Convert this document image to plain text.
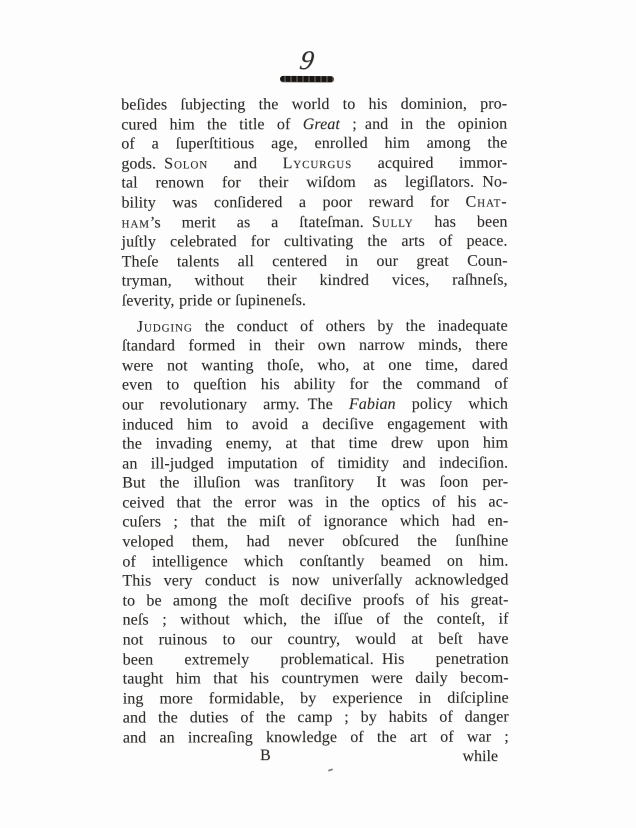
9
beſides ſubjecting the world to his dominion, pro-
cured him the title of Great ; and in the opinion
of a ſuperſtitious age, enrolled him among the
gods. Solon and Lycurgus acquired immor-
tal renown for their wiſdom as legiſlators. No-
bility was conſidered a poor reward for Chat-
ham’s merit as a ſtateſman. Sully has been
juſtly celebrated for cultivating the arts of peace.
Theſe talents all centered in our great Coun-
tryman, without their kindred vices, raſhneſs,
ſeverity, pride or ſupineneſs.
Judging the conduct of others by the inadequate
ſtandard formed in their own narrow minds, there
were not wanting thoſe, who, at one time, dared
even to queſtion his ability for the command of
our revolutionary army. The Fabian policy which
induced him to avoid a deciſive engagement with
the invading enemy, at that time drew upon him
an ill-judged imputation of timidity and indeciſion.
But the illuſion was tranſitory  It was ſoon per-
ceived that the error was in the optics of his ac-
cuſers ; that the miſt of ignorance which had en-
veloped them, had never obſcured the ſunſhine
of intelligence which conſtantly beamed on him.
This very conduct is now univerſally acknowledged
to be among the moſt deciſive proofs of his great-
neſs ; without which, the iſſue of the conteſt, if
not ruinous to our country, would at beſt have
been extremely problematical. His penetration
taught him that his countrymen were daily becom-
ing more formidable, by experience in diſcipline
and the duties of the camp ; by habits of danger
and an increaſing knowledge of the art of war ;
B	while
